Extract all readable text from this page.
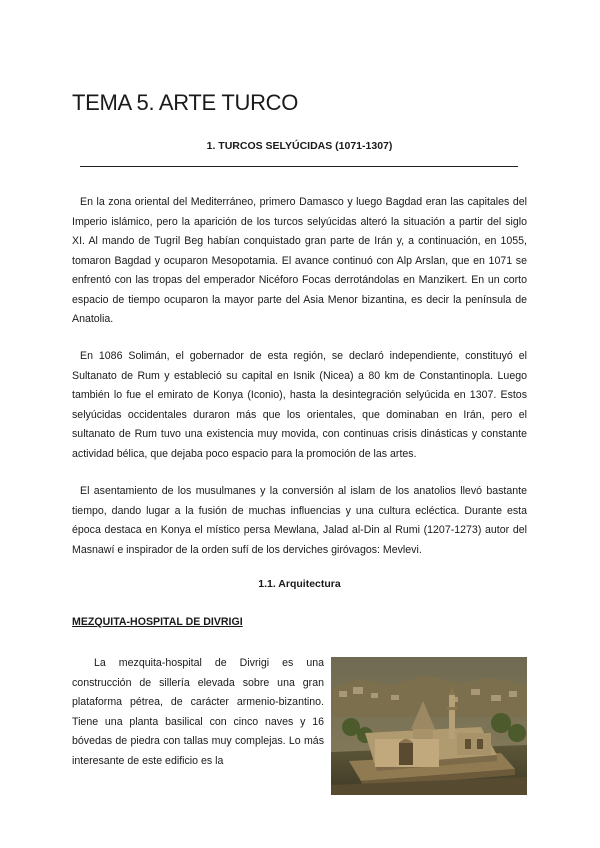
TEMA 5. ARTE TURCO
1. TURCOS SELYÚCIDAS (1071-1307)

En la zona oriental del Mediterráneo, primero Damasco y luego Bagdad eran las capitales del Imperio islámico, pero la aparición de los turcos selyúcidas alteró la situación a partir del siglo XI. Al mando de Tugril Beg habían conquistado gran parte de Irán y, a continuación, en 1055, tomaron Bagdad y ocuparon Mesopotamia. El avance continuó con Alp Arslan, que en 1071 se enfrentó con las tropas del emperador Nicéforo Focas derrotándolas en Manzikert. En un corto espacio de tiempo ocuparon la mayor parte del Asia Menor bizantina, es decir la península de Anatolia.

En 1086 Solimán, el gobernador de esta región, se declaró independiente, constituyó el Sultanato de Rum y estableció su capital en Isnik (Nicea) a 80 km de Constantinopla. Luego también lo fue el emirato de Konya (Iconio), hasta la desintegración selyúcida en 1307. Estos selyúcidas occidentales duraron más que los orientales, que dominaban en Irán, pero el sultanato de Rum tuvo una existencia muy movida, con continuas crisis dinásticas y constante actividad bélica, que dejaba poco espacio para la promoción de las artes.

El asentamiento de los musulmanes y la conversión al islam de los anatolios llevó bastante tiempo, dando lugar a la fusión de muchas influencias y una cultura ecléctica. Durante esta época destaca en Konya el místico persa Mewlana, Jalad al-Din al Rumi (1207-1273) autor del Masnawí e inspirador de la orden sufí de los derviches giróvagos: Mevlevi.

1.1. Arquitectura
MEZQUITA-HOSPITAL DE DIVRIGI

La mezquita-hospital de Divrigi es una construcción de sillería elevada sobre una gran plataforma pétrea, de carácter armenio-bizantino. Tiene una planta basilical con cinco naves y 16 bóvedas de piedra con tallas muy complejas. Lo más interesante de este edificio es la
